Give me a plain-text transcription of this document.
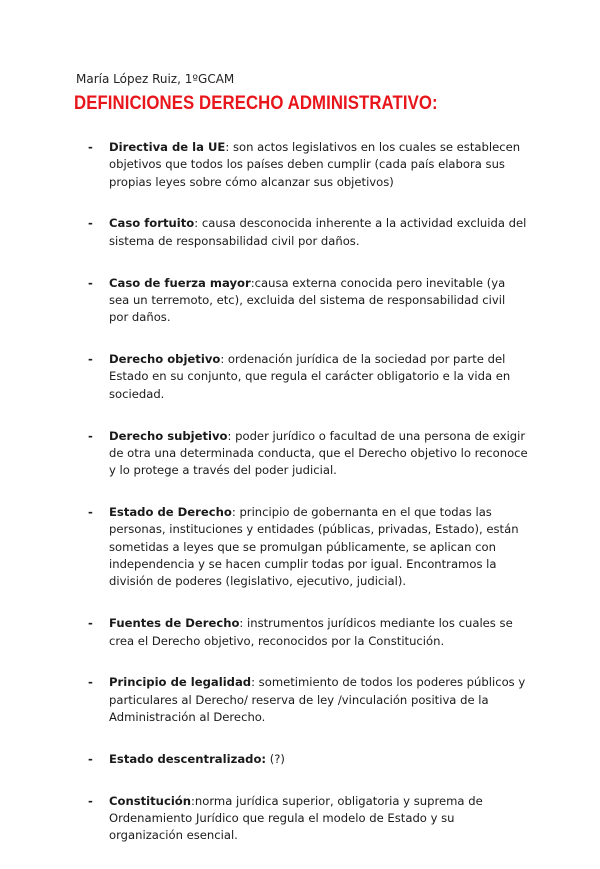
María López Ruiz, 1ºGCAM
DEFINICIONES DERECHO ADMINISTRATIVO:
- Directiva de la UE: son actos legislativos en los cuales se establecen objetivos que todos los países deben cumplir (cada país elabora sus propias leyes sobre cómo alcanzar sus objetivos)
- Caso fortuito: causa desconocida inherente a la actividad excluida del sistema de responsabilidad civil por daños.
- Caso de fuerza mayor:causa externa conocida pero inevitable (ya sea un terremoto, etc), excluida del sistema de responsabilidad civil por daños.
- Derecho objetivo: ordenación jurídica de la sociedad por parte del Estado en su conjunto, que regula el carácter obligatorio e la vida en sociedad.
- Derecho subjetivo: poder jurídico o facultad de una persona de exigir de otra una determinada conducta, que el Derecho objetivo lo reconoce y lo protege a través del poder judicial.
- Estado de Derecho: principio de gobernanta en el que todas las personas, instituciones y entidades (públicas, privadas, Estado), están sometidas a leyes que se promulgan públicamente, se aplican con independencia y se hacen cumplir todas por igual. Encontramos la división de poderes (legislativo, ejecutivo, judicial).
- Fuentes de Derecho: instrumentos jurídicos mediante los cuales se crea el Derecho objetivo, reconocidos por la Constitución.
- Principio de legalidad: sometimiento de todos los poderes públicos y particulares al Derecho/ reserva de ley /vinculación positiva de la Administración al Derecho.
- Estado descentralizado: (?)
- Constitución:norma jurídica superior, obligatoria y suprema de Ordenamiento Jurídico que regula el modelo de Estado y su organización esencial.
